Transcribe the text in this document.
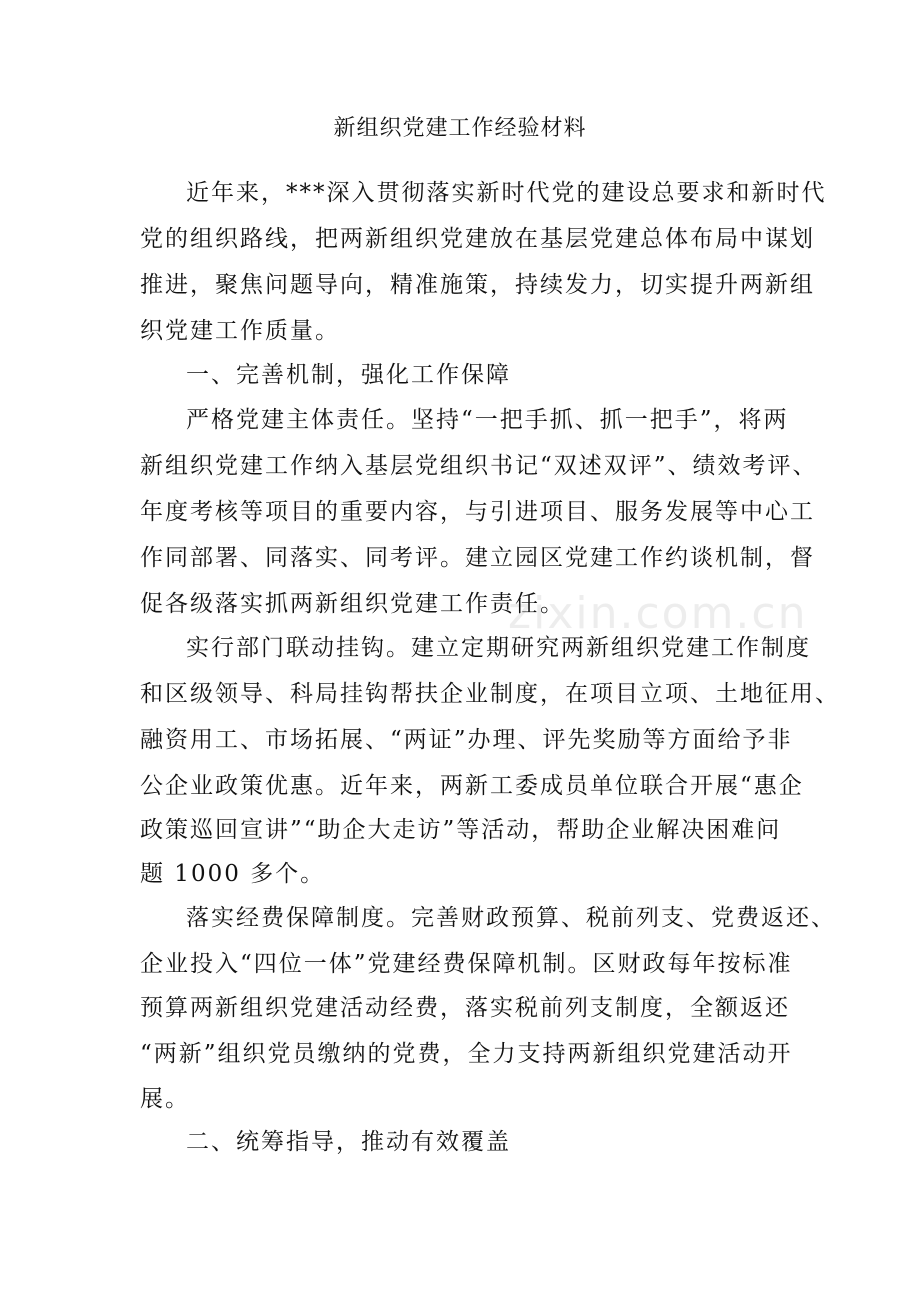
zixin.com.cn
新组织党建工作经验材料
近年来，***深入贯彻落实新时代党的建设总要求和新时代
党的组织路线，把两新组织党建放在基层党建总体布局中谋划
推进，聚焦问题导向，精准施策，持续发力，切实提升两新组
织党建工作质量。
一、完善机制，强化工作保障
严格党建主体责任。坚持“一把手抓、抓一把手”，将两
新组织党建工作纳入基层党组织书记“双述双评”、绩效考评、
年度考核等项目的重要内容，与引进项目、服务发展等中心工
作同部署、同落实、同考评。建立园区党建工作约谈机制，督
促各级落实抓两新组织党建工作责任。
实行部门联动挂钩。建立定期研究两新组织党建工作制度
和区级领导、科局挂钩帮扶企业制度，在项目立项、土地征用、
融资用工、市场拓展、“两证”办理、评先奖励等方面给予非
公企业政策优惠。近年来，两新工委成员单位联合开展“惠企
政策巡回宣讲”“助企大走访”等活动，帮助企业解决困难问
题 1000 多个。
落实经费保障制度。完善财政预算、税前列支、党费返还、
企业投入“四位一体”党建经费保障机制。区财政每年按标准
预算两新组织党建活动经费，落实税前列支制度，全额返还
“两新”组织党员缴纳的党费，全力支持两新组织党建活动开
展。
二、统筹指导，推动有效覆盖
